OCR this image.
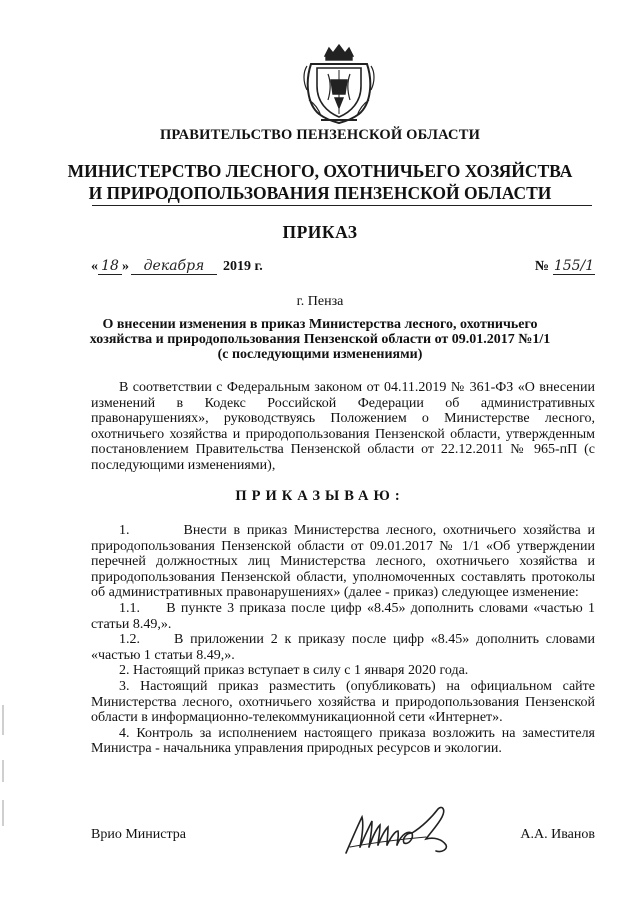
ПРАВИТЕЛЬСТВО ПЕНЗЕНСКОЙ ОБЛАСТИ
МИНИСТЕРСТВО ЛЕСНОГО, ОХОТНИЧЬЕГО ХОЗЯЙСТВА
И ПРИРОДОПОЛЬЗОВАНИЯ ПЕНЗЕНСКОЙ ОБЛАСТИ
ПРИКАЗ
« 18 » декабря 2019 г.	№ 155/1
г. Пенза
О внесении изменения в приказ Министерства лесного, охотничьего
хозяйства и природопользования Пензенской области от 09.01.2017 №1/1
(с последующими изменениями)

В соответствии с Федеральным законом от 04.11.2019 № 361-ФЗ «О внесении изменений в Кодекс Российской Федерации об административных правонарушениях», руководствуясь Положением о Министерстве лесного, охотничьего хозяйства и природопользования Пензенской области, утвержденным постановлением Правительства Пензенской области от 22.12.2011 № 965-пП (с последующими изменениями),

ПРИКАЗЫВАЮ:

1.        Внести в приказ Министерства лесного, охотничьего хозяйства и природопользования Пензенской области от 09.01.2017 № 1/1 «Об утверждении перечней должностных лиц Министерства лесного, охотничьего хозяйства и природопользования Пензенской области, уполномоченных составлять протоколы об административных правонарушениях» (далее - приказ) следующее изменение:

1.1.     В пункте 3 приказа после цифр «8.45» дополнить словами «частью 1 статьи 8.49,».

1.2.     В приложении 2 к приказу после цифр «8.45» дополнить словами «частью 1 статьи 8.49,».

2. Настоящий приказ вступает в силу с 1 января 2020 года.

3. Настоящий приказ разместить (опубликовать) на официальном сайте Министерства лесного, охотничьего хозяйства и природопользования Пензенской области в информационно-телекоммуникационной сети «Интернет».

4. Контроль за исполнением настоящего приказа возложить на заместителя Министра - начальника управления природных ресурсов и экологии.

Врио Министра	А.А. Иванов
